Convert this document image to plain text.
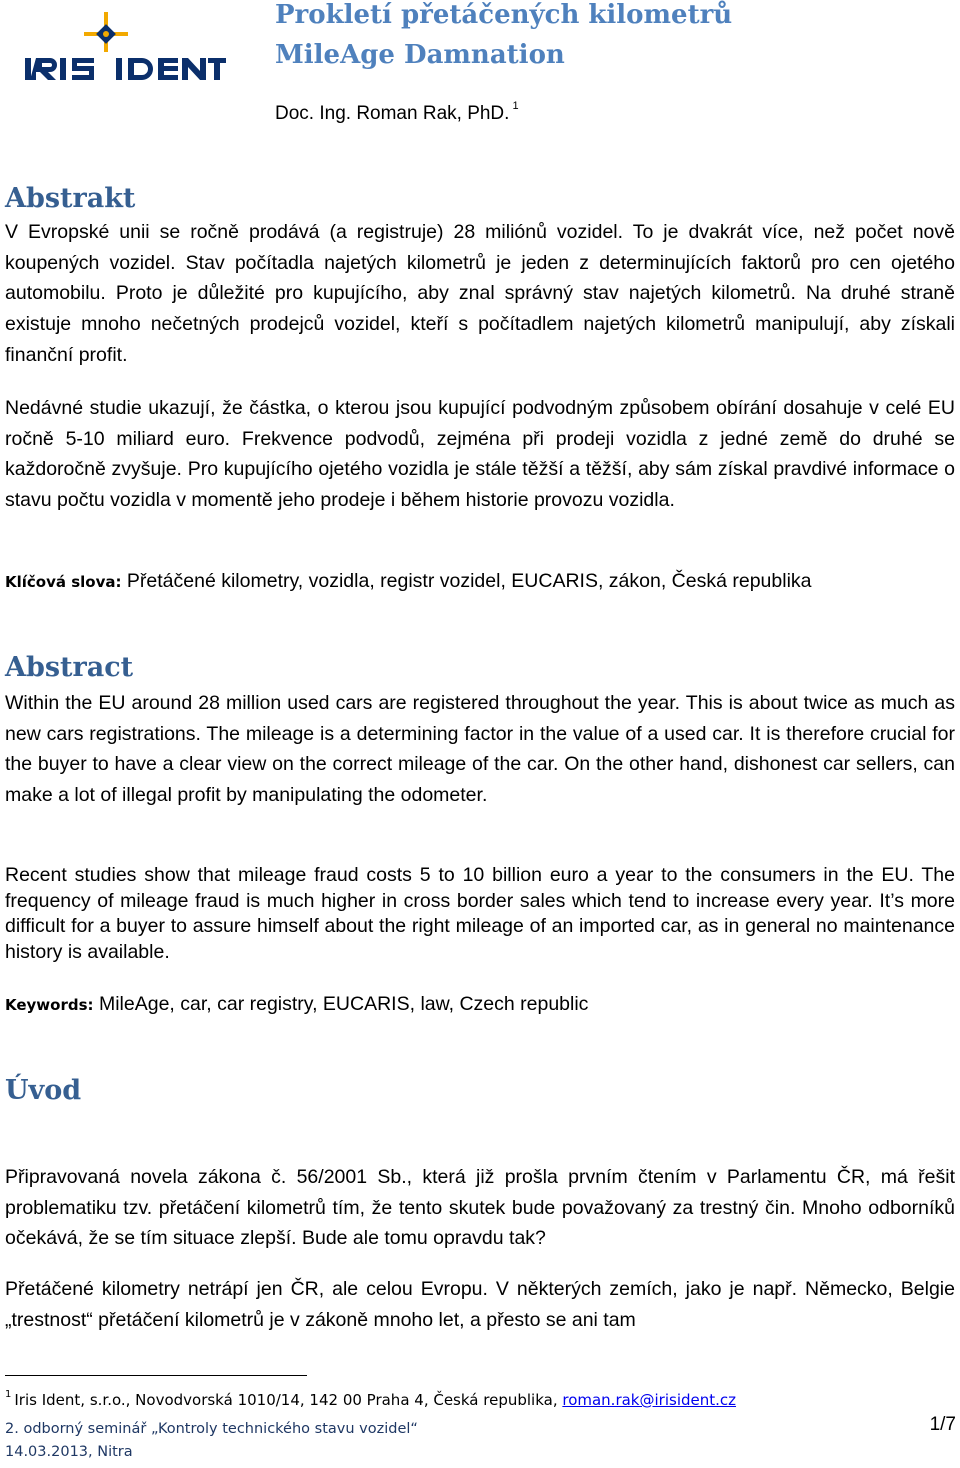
Prokletí přetáčených kilometrů
MileAge Damnation
Doc. Ing. Roman Rak, PhD. $^1$
Abstrakt
V Evropské unii se ročně prodává (a registruje) 28 miliónů vozidel. To je dvakrát více, než počet nově koupených vozidel. Stav počítadla najetých kilometrů je jeden z determinujících faktorů pro cen ojetého automobilu. Proto je důležité pro kupujícího, aby znal správný stav najetých kilometrů. Na druhé straně existuje mnoho nečetných prodejců vozidel, kteří s počítadlem najetých kilometrů manipulují, aby získali finanční profit.
Nedávné studie ukazují, že částka, o kterou jsou kupující podvodným způsobem obírání dosahuje v celé EU ročně 5-10 miliard euro. Frekvence podvodů, zejména při prodeji vozidla z jedné země do druhé se každoročně zvyšuje. Pro kupujícího ojetého vozidla je stále těžší a těžší, aby sám získal pravdivé informace o stavu počtu vozidla v momentě jeho prodeje i během historie provozu vozidla.
Klíčová slova: Přetáčené kilometry, vozidla, registr vozidel, EUCARIS, zákon, Česká republika
Abstract
Within the EU around 28 million used cars are registered throughout the year. This is about twice as much as new cars registrations. The mileage is a determining factor in the value of a used car. It is therefore crucial for the buyer to have a clear view on the correct mileage of the car. On the other hand, dishonest car sellers, can make a lot of illegal profit by manipulating the odometer.
Recent studies show that mileage fraud costs 5 to 10 billion euro a year to the consumers in the EU. The frequency of mileage fraud is much higher in cross border sales which tend to increase every year. It’s more difficult for a buyer to assure himself about the right mileage of an imported car, as in general no maintenance history is available.
Keywords: MileAge, car, car registry, EUCARIS, law, Czech republic
Úvod
Připravovaná novela zákona č. 56/2001 Sb., která již prošla prvním čtením v Parlamentu ČR, má řešit problematiku tzv. přetáčení kilometrů tím, že tento skutek bude považovaný za trestný čin. Mnoho odborníků očekává, že se tím situace zlepší. Bude ale tomu opravdu tak?
Přetáčené kilometry netrápí jen ČR, ale celou Evropu. V některých zemích, jako je např. Německo, Belgie „trestnost“ přetáčení kilometrů je v zákoně mnoho let, a přesto se ani tam
$^1$ Iris Ident, s.r.o., Novodvorská 1010/14, 142 00 Praha 4, Česká republika, roman.rak@irisident.cz
2. odborný seminář „Kontroly technického stavu vozidel“
14.03.2013, Nitra
1/7
